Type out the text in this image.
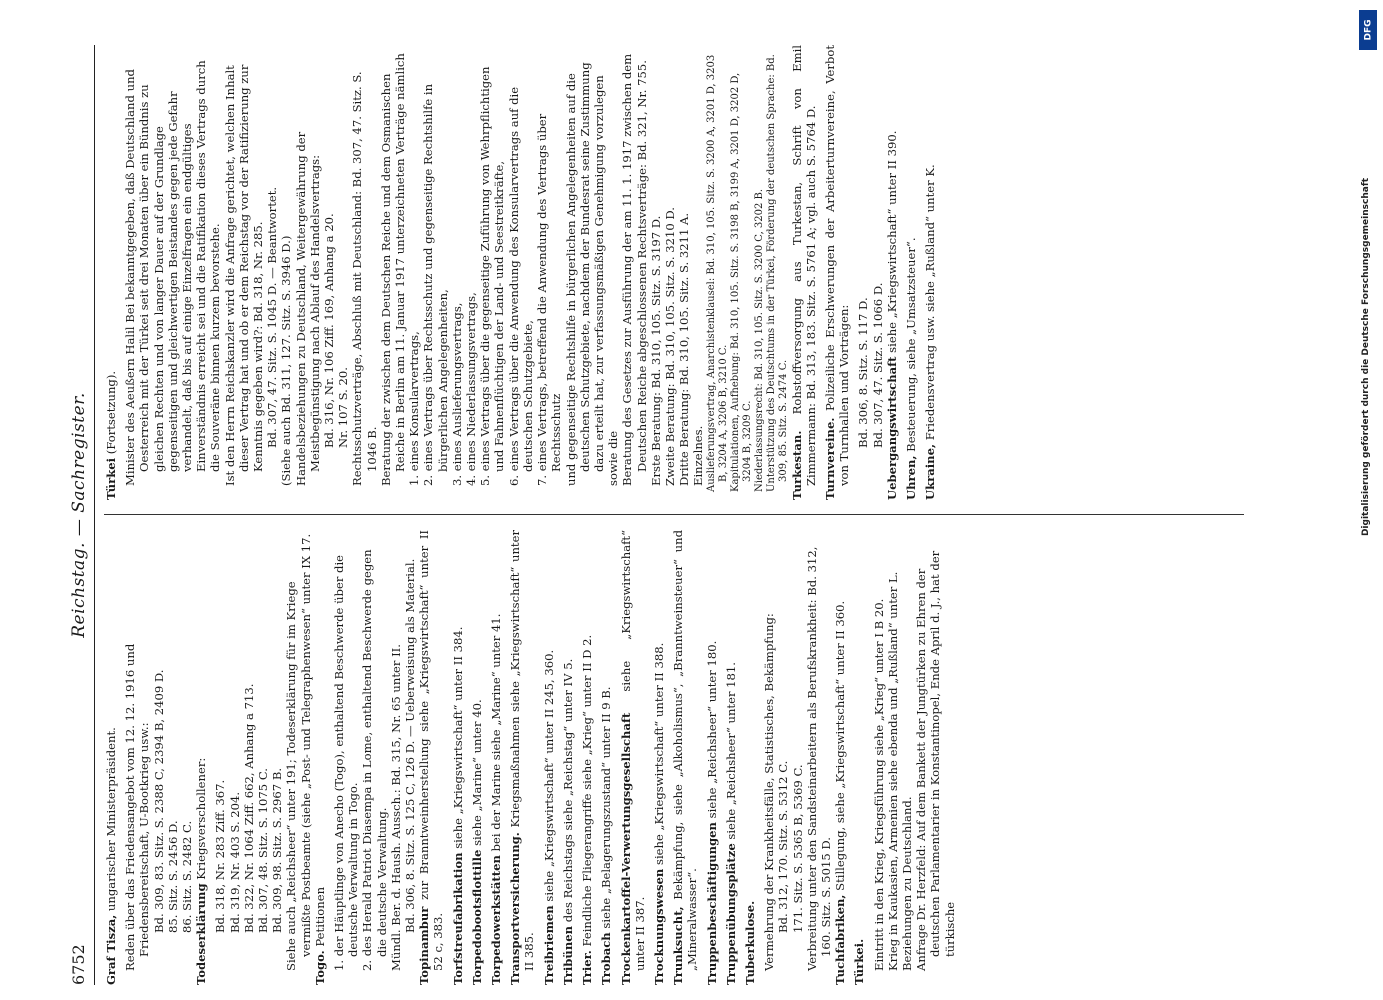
6752
Reichstag. — Sachregister.

Graf Tisza, ungarischer Ministerpräsident. Reden über das Friedensangebot vom 12. 12. 1916 und Friedensbereitschaft, U-Bootkrieg usw.: Bd. 309, 83. Sitz. S. 2388 C, 2394 B, 2409 D. 85. Sitz. S. 2456 D. 86. Sitz. S. 2482 C.

Todeserklärung Kriegsverschollener: Bd. 318, Nr. 283 Ziff. 367. Bd. 319, Nr. 403 S. 204. Bd. 322, Nr. 1064 Ziff. 662, Anhang a 713. Bd. 307, 48. Sitz. S. 1075 C. Bd. 309, 98. Sitz. S. 2967 B. Siehe auch „Reichsheer“ unter 191; Todeserklärung für im Kriege vermißte Postbeamte (siehe „Post- und Telegraphenwesen“ unter IX 17.

Togo. Petitionen 1. der Häuptlinge von Anecho (Togo), enthaltend Beschwerde über die deutsche Verwaltung in Togo. 2. des Herald Patriot Diasempa in Lome, enthaltend Beschwerde gegen die deutsche Verwaltung. Mündl. Ber. d. Haush. Aussch.: Bd. 315, Nr. 65 unter II. Bd. 306, 8. Sitz. S. 125 C, 126 D. — Ueberweisung als Material.

Topinambur zur Branntweinherstellung siehe „Kriegswirtschaft“ unter II 52 c, 383. Torfstreufabrikation siehe „Kriegswirtschaft“ unter II 384.

Torpedobootsflottille siehe „Marine“ unter 40.

Torpedowerkstätten bei der Marine siehe „Marine“ unter 41.

Transportversicherung. Kriegsmaßnahmen siehe „Kriegswirtschaft“ unter II 385. Treibriemen siehe „Kriegswirtschaft“ unter II 245, 360.

Tribünen des Reichstags siehe „Reichstag“ unter IV 5.

Trier. Feindliche Fliegerangriffe siehe „Krieg“ unter II D 2.

Trobach siehe „Belagerungszustand“ unter II 9 B. Trockenkartoffel-Verwertungsgesellschaft siehe „Kriegswirtschaft“ unter II 387. Trocknungswesen siehe „Kriegswirtschaft“ unter II 388.

Trunksucht, Bekämpfung, siehe „Alkoholismus“, „Branntweinsteuer“ und „Mineralwasser“. Truppenbeschäftigungen siehe „Reichsheer“ unter 180.

Truppenübungsplätze siehe „Reichsheer“ unter 181.

Tuberkulose. Vermehrung der Krankheitsfälle, Statistisches, Bekämpfung: Bd. 312, 170. Sitz. S. 5312 C. 171. Sitz. S. 5365 B, 5369 C. Verbreitung unter den Sandsteinarbeitern als Berufskrankheit: Bd. 312, 160. Sitz. S. 5015 D. Tuchfabriken, Stillegung, siehe „Kriegswirtschaft“ unter II 360.

Türkei. Eintritt in den Krieg, Kriegsführung siehe „Krieg“ unter I B 20. Krieg in Kaukasien, Armenien siehe ebenda und „Rußland“ unter L. Beziehungen zu Deutschland. Anfrage Dr. Herzfeld: Auf dem Bankett der Jungtürken zu Ehren der deutschen Parlamentarier in Konstantinopel, Ende April d. J., hat der türkische

Türkei (Fortsetzung). Minister des Aeußern Halil Bei bekanntgegeben, daß Deutschland und Oesterreich mit der Türkei seit drei Monaten über ein Bündnis zu gleichen Rechten und von langer Dauer auf der Grundlage gegenseitigen und gleichwertigen Beistandes gegen jede Gefahr verhandelt, daß bis auf einige Einzelfragen ein endgültiges Einverständnis erreicht sei und die Ratifikation dieses Vertrags durch die Souveräne binnen kurzem bevorstehe. Ist den Herrn Reichskanzler wird die Anfrage gerichtet, welchen Inhalt dieser Vertrag hat und ob er dem Reichstag vor der Ratifizierung zur Kenntnis gegeben wird?: Bd. 318, Nr. 285. Bd. 307, 47. Sitz. S. 1045 D. — Beantwortet. (Siehe auch Bd. 311, 127. Sitz. S. 3946 D.) Handelsbeziehungen zu Deutschland, Weitergewährung der Meistbegünstigung nach Ablauf des Handelsvertrags: Bd. 316, Nr. 106 Ziff. 169, Anhang a 20. Nr. 107 S. 20. Rechtsschutzverträge, Abschluß mit Deutschland: Bd. 307, 47. Sitz. S. 1046 B. Beratung der zwischen dem Deutschen Reiche und dem Osmanischen Reiche in Berlin am 11. Januar 1917 unterzeichneten Verträge nämlich 1. eines Konsularvertrags, 2. eines Vertrags über Rechtsschutz und gegenseitige Rechtshilfe in bürgerlichen Angelegenheiten, 3. eines Auslieferungsvertrags, 4. eines Niederlassungsvertrags, 5. eines Vertrags über die gegenseitige Zuführung von Wehrpflichtigen und Fahnenflüchtigen der Land- und Seestreitkräfte, 6. eines Vertrags über die Anwendung des Konsularvertrags auf die deutschen Schutzgebiete, 7. eines Vertrags, betreffend die Anwendung des Vertrags über Rechtsschutz und gegenseitige Rechtshilfe in bürgerlichen Angelegenheiten auf die deutschen Schutzgebiete, nachdem der Bundesrat seine Zustimmung dazu erteilt hat, zur verfassungsmäßigen Genehmigung vorzulegen sowie die Beratung des Gesetzes zur Ausführung der am 11. 1. 1917 zwischen dem Deutschen Reiche abgeschlossenen Rechtsverträge: Bd. 321, Nr. 755. Erste Beratung: Bd. 310, 105. Sitz. S. 3197 D. Zweite Beratung: Bd. 310, 105. Sitz. S. 3210 D. Dritte Beratung: Bd. 310, 105. Sitz. S. 3211 A. Einzelnes. Auslieferungsvertrag, Anarchistenklausel: Bd. 310, 105. Sitz. S. 3200 A, 3201 D, 3203 B, 3204 A, 3206 B, 3210 C. Kapitulationen, Aufhebung: Bd. 310, 105. Sitz. S. 3198 B, 3199 A, 3201 D, 3202 D, 3204 B, 3209 C. Niederlassungsrecht: Bd. 310, 105. Sitz. S. 3200 C, 3202 B. Unterstützung des Deutschtums in der Türkei, Förderung der deutschen Sprache: Bd. 309, 85. Sitz. S. 2474 C. Turkestan. Rohstoffversorgung aus Turkestan, Schrift von Emil Zimmermann: Bd. 313, 183. Sitz. S. 5761 A; vgl. auch S. 5764 D. Turnvereine. Polizeiliche Erschwerungen der Arbeiterturnvereine, Verbot von Turnhallen und Vorträgen: Bd. 306, 8. Sitz. S. 117 D. Bd. 307, 47. Sitz. S. 1066 D. Uebergangswirtschaft siehe „Kriegswirtschaft“ unter II 390.

Uhren, Besteuerung, siehe „Umsatzsteuer“.

Ukraine, Friedensvertrag usw. siehe „Rußland“ unter K.

DFG
Digitalisierung gefördert durch die Deutsche Forschungsgemeinschaft
